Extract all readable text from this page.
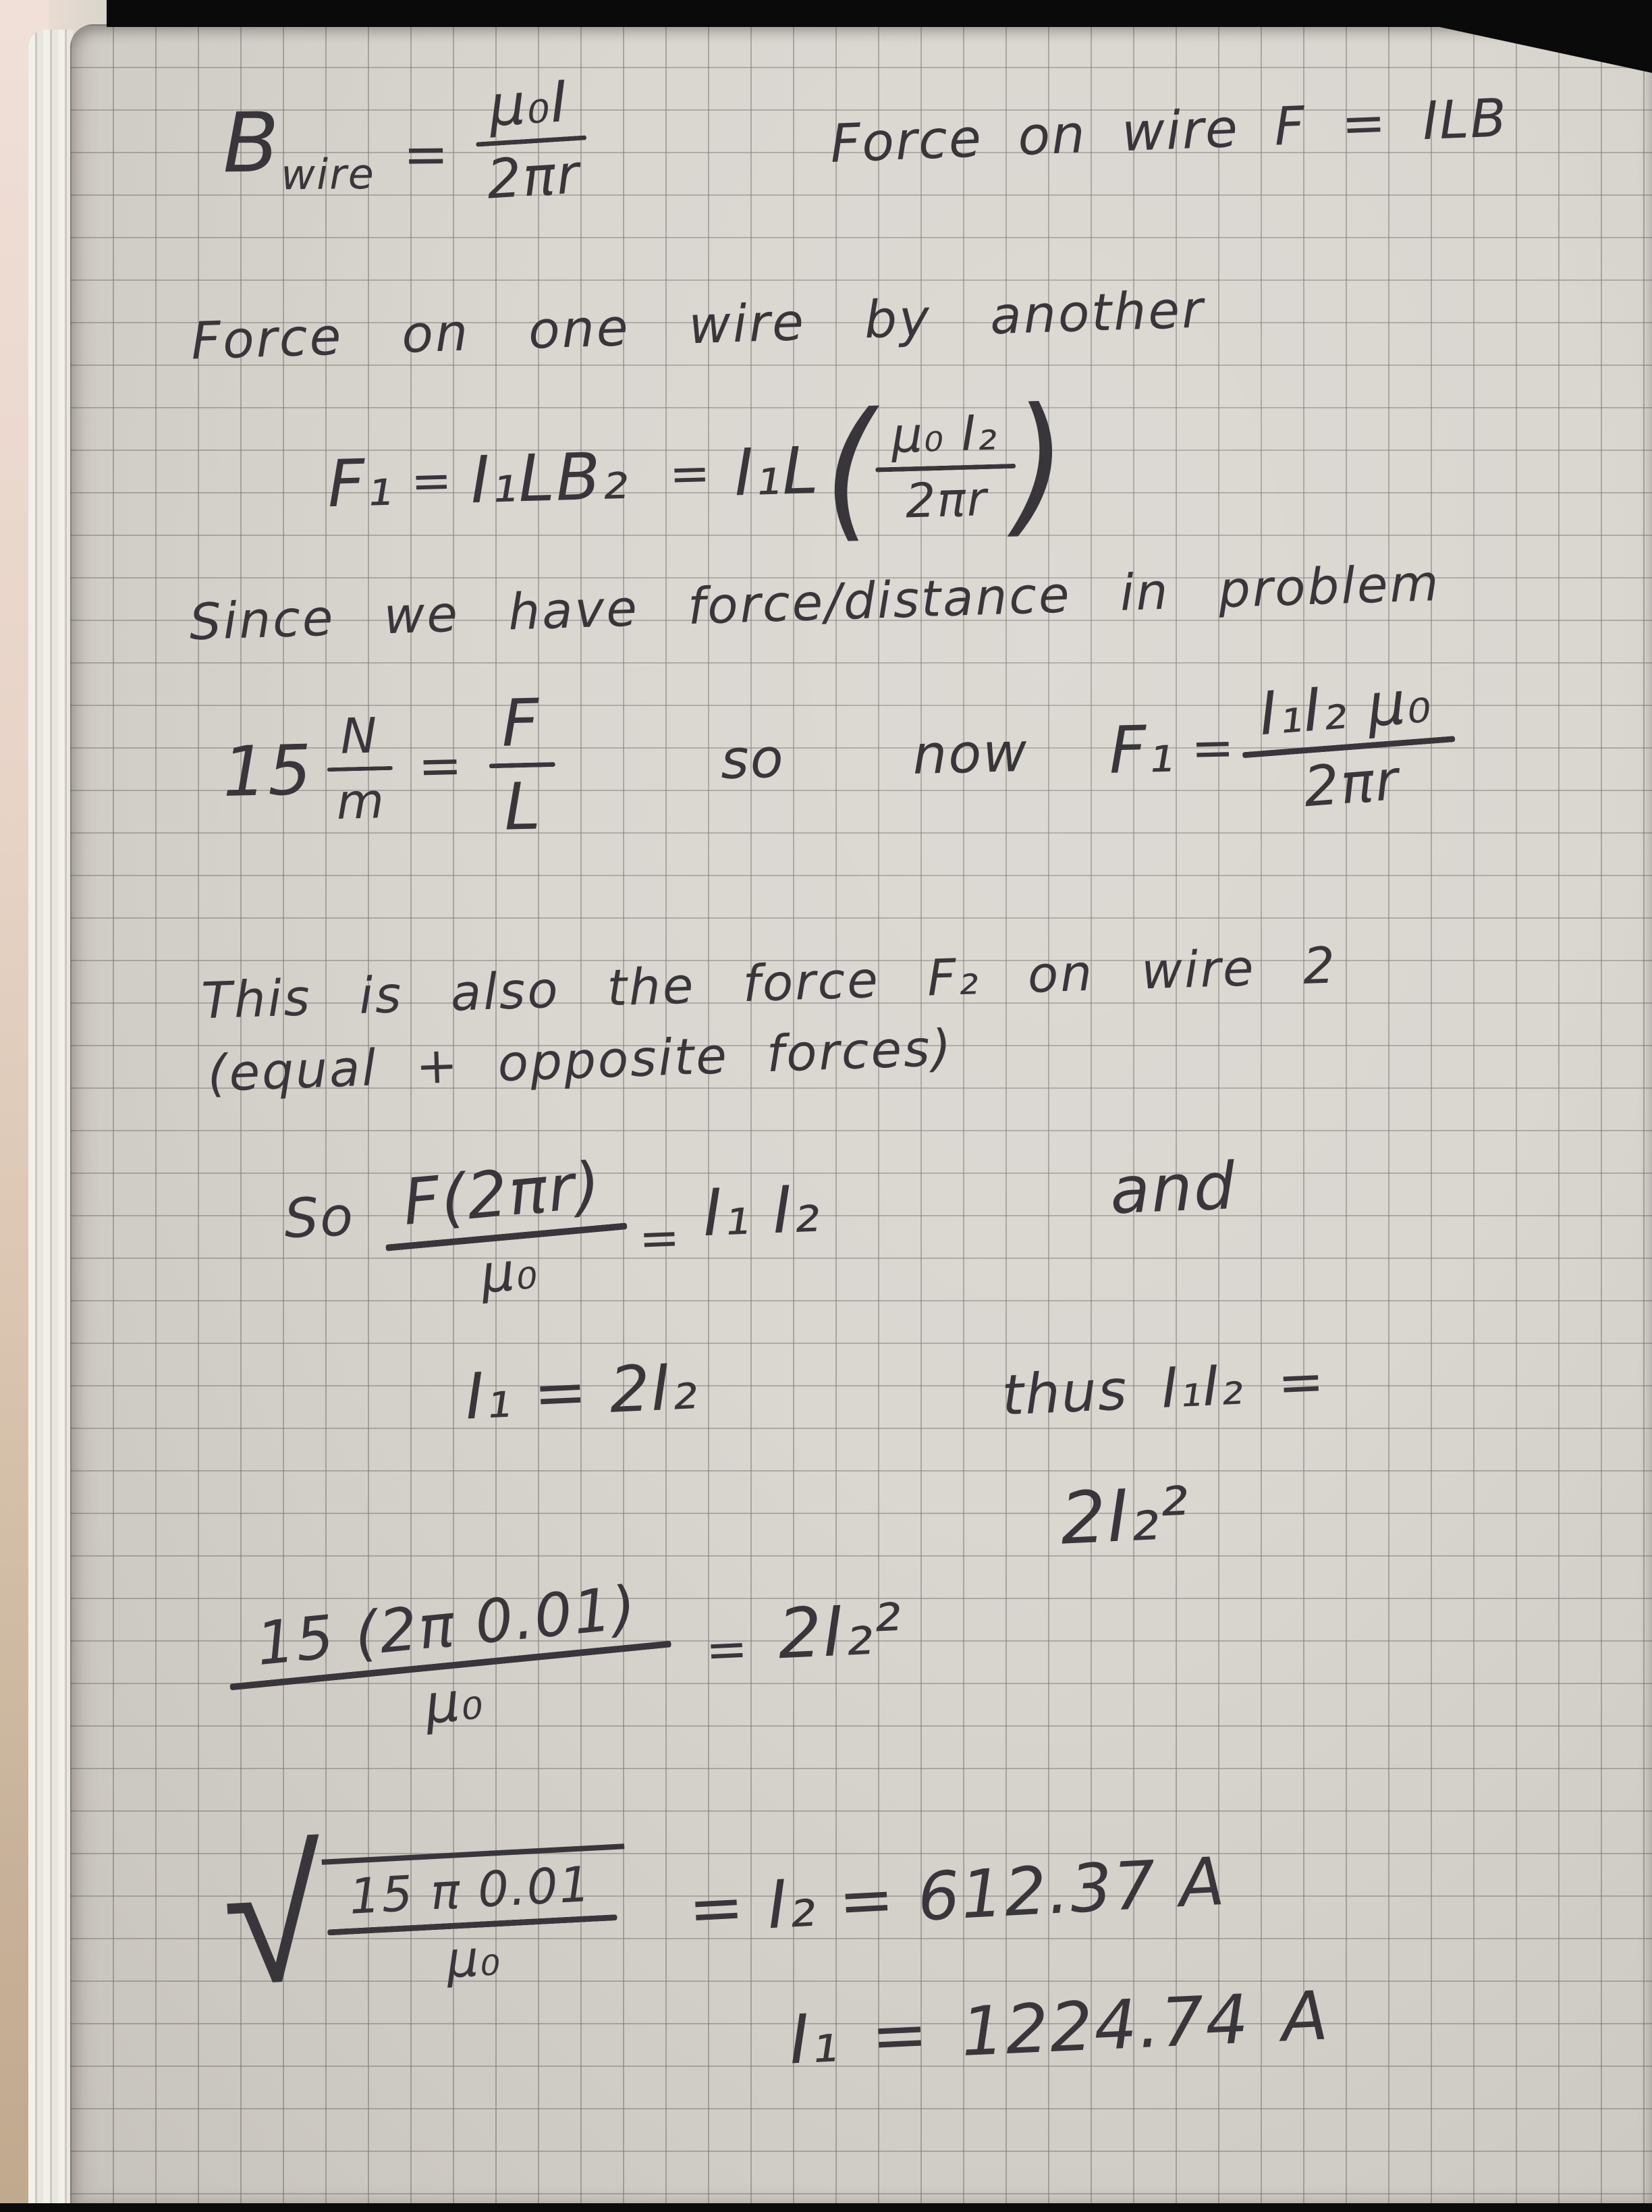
B wire =
μ₀I
2πr
Force on wire F = ILB
Force on one wire by another
F₁ = I₁LB₂ = I₁L ( μ₀ I₂
2πr )
Since we have force/distance in problem
15 N
m
=
F
L
so now F₁ = I₁I₂ μ₀
2πr
This is also the force F₂ on wire 2
(equal + opposite forces)
So F(2πr)
μ₀
= I₁ I₂	and
I₁ = 2I₂	thus I₁I₂ =
2I₂²
15 (2π 0.01)
μ₀
= 2I₂²
√ 15 π 0.01
μ₀
= I₂ = 612.37 A
I₁ = 1224.74 A
